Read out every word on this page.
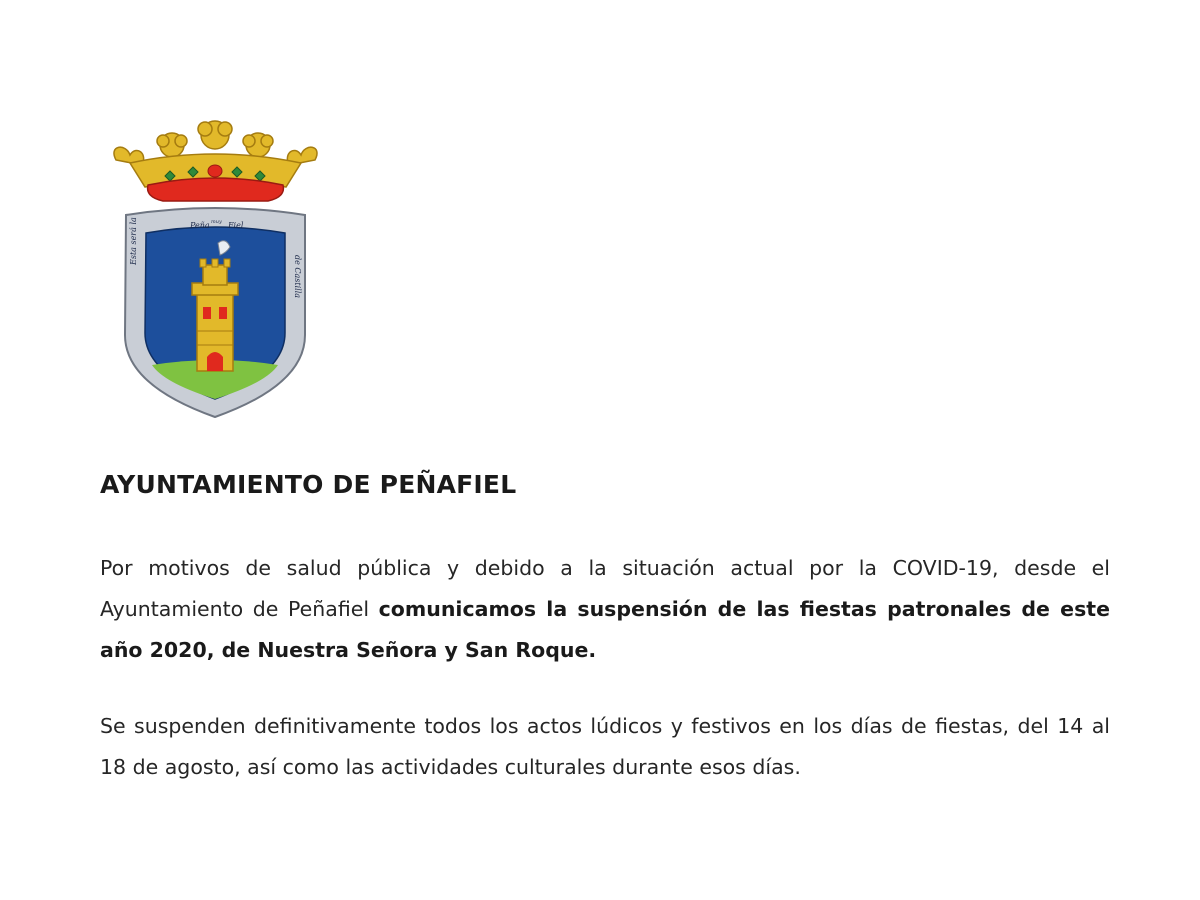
Peña muy Fiel
Esta será la
de Castilla
AYUNTAMIENTO DE PEÑAFIEL

Por motivos de salud pública y debido a la situación actual por la COVID-19, desde el Ayuntamiento de Peñafiel comunicamos la suspensión de las fiestas patronales de este año 2020, de Nuestra Señora y San Roque.

Se suspenden definitivamente todos los actos lúdicos y festivos en los días de fiestas, del 14 al 18 de agosto, así como las actividades culturales durante esos días.
